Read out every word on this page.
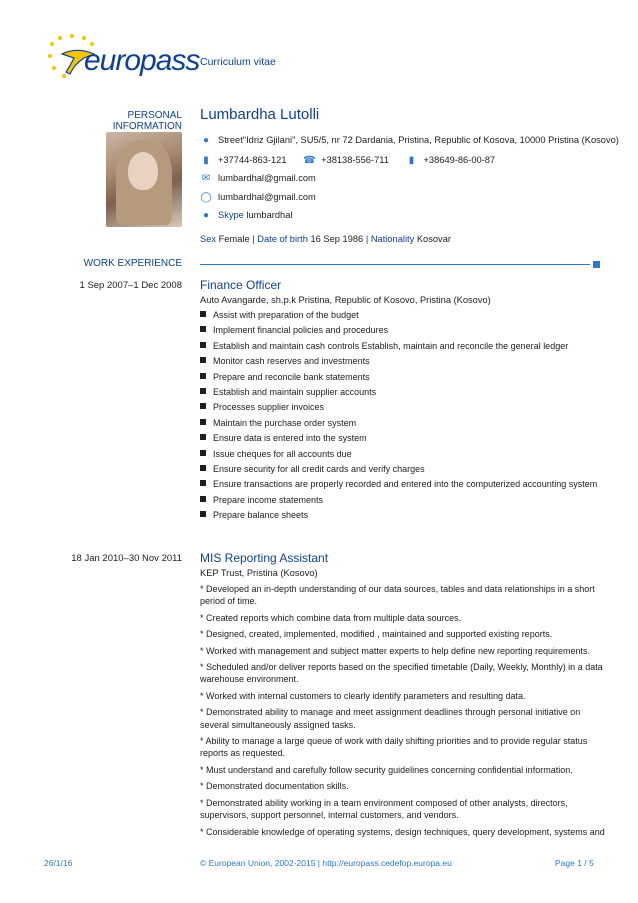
europass Curriculum vitae
PERSONAL INFORMATION
Lumbardha Lutolli
● Street"Idriz Gjilani", SU5/5, nr 72 Dardania, Pristina, Republic of Kosova, 10000 Pristina (Kosovo)
▮ +37744-863-121 ☎ +38138-556-711 ▮ +38649-86-00-87
✉ lumbardhal@gmail.com
◯ lumbardhal@gmail.com
● Skype lumbardhal
Sex Female | Date of birth 16 Sep 1986 | Nationality Kosovar
WORK EXPERIENCE
1 Sep 2007–1 Dec 2008 Finance Officer
Auto Avangarde, sh.p.k Pristina, Republic of Kosovo, Pristina (Kosovo)
Assist with preparation of the budget
Implement financial policies and procedures
Establish and maintain cash controls Establish, maintain and reconcile the general ledger
Monitor cash reserves and investments
Prepare and reconcile bank statements
Establish and maintain supplier accounts
Processes supplier invoices
Maintain the purchase order system
Ensure data is entered into the system
Issue cheques for all accounts due
Ensure security for all credit cards and verify charges
Ensure transactions are properly recorded and entered into the computerized accounting system
Prepare income statements
Prepare balance sheets
18 Jan 2010–30 Nov 2011 MIS Reporting Assistant
KEP Trust, Pristina (Kosovo)

* Developed an in-depth understanding of our data sources, tables and data relationships in a short period of time.

* Created reports which combine data from multiple data sources.

* Designed, created, implemented, modified , maintained and supported existing reports.

* Worked with management and subject matter experts to help define new reporting requirements.

* Scheduled and/or deliver reports based on the specified timetable (Daily, Weekly, Monthly) in a data warehouse environment.

* Worked with internal customers to clearly identify parameters and resulting data.

* Demonstrated ability to manage and meet assignment deadlines through personal initiative on several simultaneously assigned tasks.

* Ability to manage a large queue of work with daily shifting priorities and to provide regular status reports as requested.

* Must understand and carefully follow security guidelines concerning confidential information.

* Demonstrated documentation skills.

* Demonstrated ability working in a team environment composed of other analysts, directors, supervisors, support personnel, internal customers, and vendors.

* Considerable knowledge of operating systems, design techniques, query development, systems and

26/1/16	© European Union, 2002-2015 | http://europass.cedefop.europa.eu	Page 1 / 5
